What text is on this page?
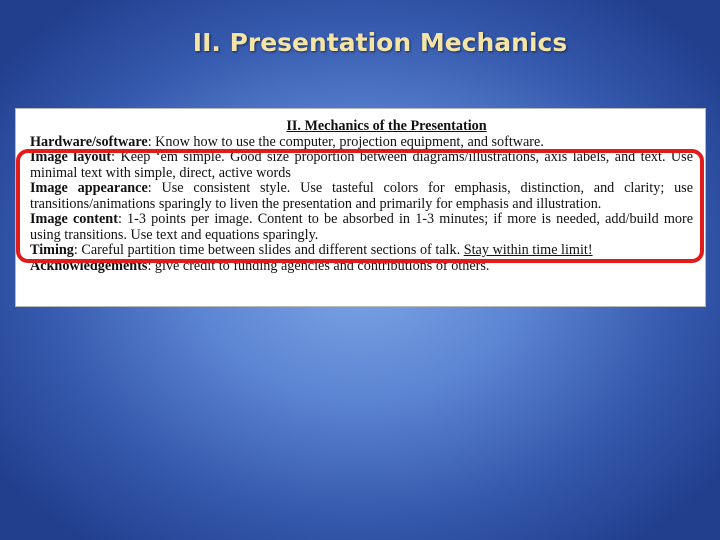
II. Presentation Mechanics
II. Mechanics of the Presentation

Hardware/software: Know how to use the computer, projection equipment, and software.

Image layout: Keep ‘em simple. Good size proportion between diagrams/illustrations, axis labels, and text. Use minimal text with simple, direct, active words

Image appearance: Use consistent style. Use tasteful colors for emphasis, distinction, and clarity; use transitions/animations sparingly to liven the presentation and primarily for emphasis and illustration.

Image content: 1-3 points per image. Content to be absorbed in 1-3 minutes; if more is needed, add/build more using transitions. Use text and equations sparingly.

Timing: Careful partition time between slides and different sections of talk. Stay within time limit!

Acknowledgements: give credit to funding agencies and contributions of others.
